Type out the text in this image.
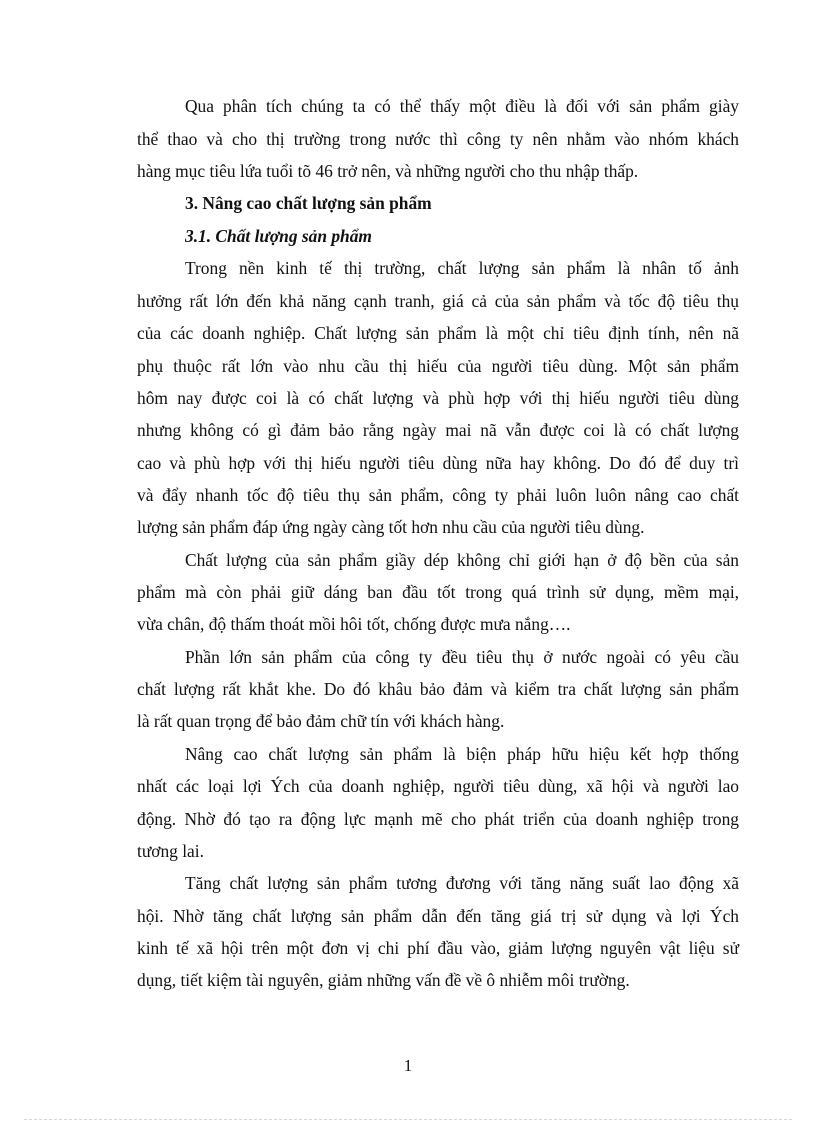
Qua phân tích chúng ta có thể thấy một điều là đối với sản phẩm giày
thể thao và cho thị trường trong nước thì công ty nên nhằm vào nhóm khách
hàng mục tiêu lứa tuổi tõ 46 trở nên, và những người cho thu nhập thấp.
3. Nâng cao chất lượng sản phẩm
3.1. Chất lượng sản phẩm
Trong nền kinh tế thị trường, chất lượng sản phẩm là nhân tố ảnh
hưởng rất lớn đến khả năng cạnh tranh, giá cả của sản phẩm và tốc độ tiêu thụ
của các doanh nghiệp. Chất lượng sản phẩm là một chỉ tiêu định tính, nên nã
phụ thuộc rất lớn vào nhu cầu thị hiếu của người tiêu dùng. Một sản phẩm
hôm nay được coi là có chất lượng và phù hợp với thị hiếu người tiêu dùng
nhưng không có gì đảm bảo rằng ngày mai nã vẫn được coi là có chất lượng
cao và phù hợp với thị hiếu người tiêu dùng nữa hay không. Do đó để duy trì
và đẩy nhanh tốc độ tiêu thụ sản phẩm, công ty phải luôn luôn nâng cao chất
lượng sản phẩm đáp ứng ngày càng tốt hơn nhu cầu của người tiêu dùng.
Chất lượng của sản phẩm giầy dép không chỉ giới hạn ở độ bền của sản
phẩm mà còn phải giữ dáng ban đầu tốt trong quá trình sử dụng, mềm mại,
vừa chân, độ thấm thoát mồi hôi tốt, chống được mưa nắng….
Phần lớn sản phẩm của công ty đều tiêu thụ ở nước ngoài có yêu cầu
chất lượng rất khắt khe. Do đó khâu bảo đảm và kiểm tra chất lượng sản phẩm
là rất quan trọng để bảo đảm chữ tín với khách hàng.
Nâng cao chất lượng sản phẩm là biện pháp hữu hiệu kết hợp thống
nhất các loại lợi Ých của doanh nghiệp, người tiêu dùng, xã hội và người lao
động. Nhờ đó tạo ra động lực mạnh mẽ cho phát triển của doanh nghiệp trong
tương lai.
Tăng chất lượng sản phẩm tương đương với tăng năng suất lao động xã
hội. Nhờ tăng chất lượng sản phẩm dẫn đến tăng giá trị sử dụng và lợi Ých
kinh tế xã hội trên một đơn vị chi phí đầu vào, giảm lượng nguyên vật liệu sử
dụng, tiết kiệm tài nguyên, giảm những vấn đề về ô nhiễm môi trường.
1
